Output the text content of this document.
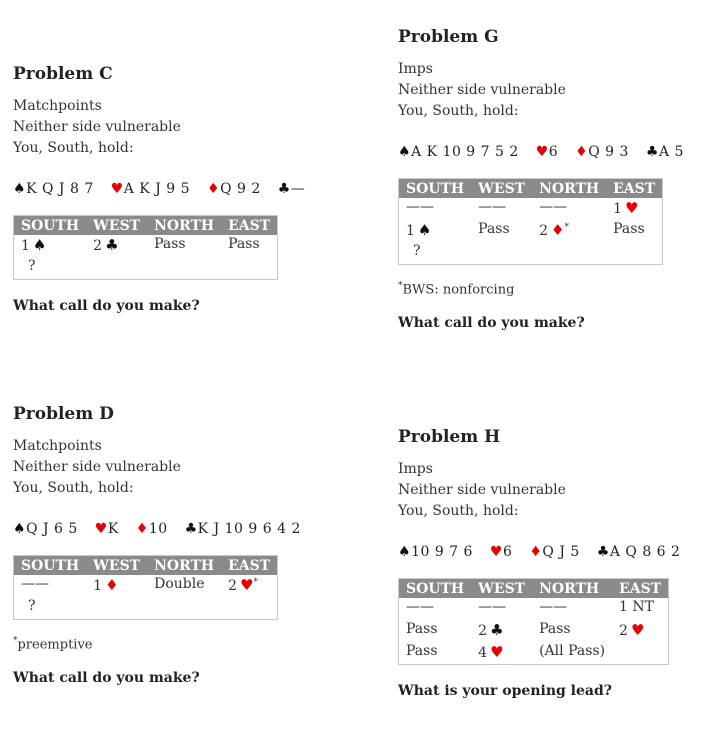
Problem C
Matchpoints
Neither side vulnerable
You, South, hold:
♠K Q J 8 7 ♥A K J 9 5 ♦Q 9 2 ♣—
SOUTH	WEST	NORTH	EAST
1 ♠	2 ♣	Pass	Pass
?			
What call do you make?
Problem D
Matchpoints
Neither side vulnerable
You, South, hold:
♠Q J 6 5 ♥K ♦10 ♣K J 10 9 6 4 2
SOUTH	WEST	NORTH	EAST
——	1 ♦	Double	2 ♥*
?			
*preemptive
What call do you make?
Problem G
Imps
Neither side vulnerable
You, South, hold:
♠A K 10 9 7 5 2 ♥6 ♦Q 9 3 ♣A 5
SOUTH	WEST	NORTH	EAST
——	——	——	1 ♥
1 ♠	Pass	2 ♦*	Pass
?			
*BWS: nonforcing
What call do you make?
Problem H
Imps
Neither side vulnerable
You, South, hold:
♠10 9 7 6 ♥6 ♦Q J 5 ♣A Q 8 6 2
SOUTH	WEST	NORTH	EAST
——	——	——	1 NT
Pass	2 ♣	Pass	2 ♥
Pass	4 ♥	(All Pass)	
What is your opening lead?
